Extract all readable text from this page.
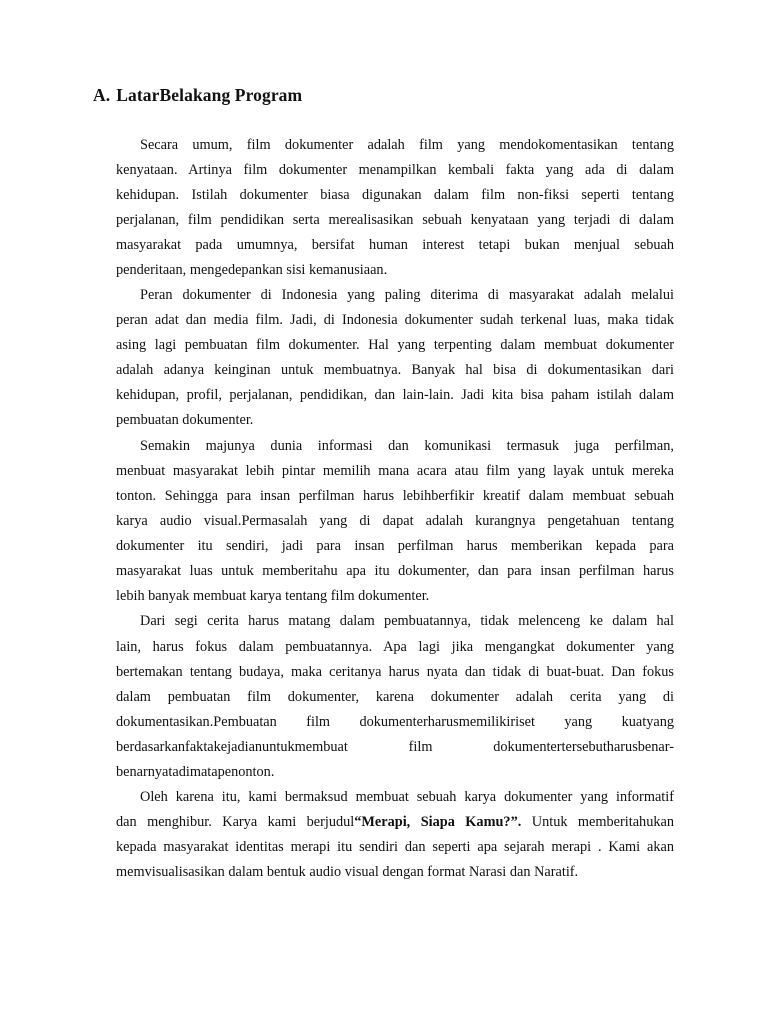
A. LatarBelakang Program
Secara umum, film dokumenter adalah film yang mendokomentasikan tentang
kenyataan. Artinya film dokumenter menampilkan kembali fakta yang ada di dalam
kehidupan. Istilah dokumenter biasa digunakan dalam film non-fiksi seperti tentang
perjalanan, film pendidikan serta merealisasikan sebuah kenyataan yang terjadi di dalam
masyarakat pada umumnya, bersifat human interest tetapi bukan menjual sebuah
penderitaan, mengedepankan sisi kemanusiaan.
Peran dokumenter di Indonesia yang paling diterima di masyarakat adalah melalui
peran adat dan media film. Jadi, di Indonesia dokumenter sudah terkenal luas, maka tidak
asing lagi pembuatan film dokumenter. Hal yang terpenting dalam membuat dokumenter
adalah adanya keinginan untuk membuatnya. Banyak hal bisa di dokumentasikan dari
kehidupan, profil, perjalanan, pendidikan, dan lain-lain. Jadi kita bisa paham istilah dalam
pembuatan dokumenter.
Semakin majunya dunia informasi dan komunikasi termasuk juga perfilman,
menbuat masyarakat lebih pintar memilih mana acara atau film yang layak untuk mereka
tonton. Sehingga para insan perfilman harus lebihberfikir kreatif dalam membuat sebuah
karya audio visual.Permasalah yang di dapat adalah kurangnya pengetahuan tentang
dokumenter itu sendiri, jadi para insan perfilman harus memberikan kepada para
masyarakat luas untuk memberitahu apa itu dokumenter, dan para insan perfilman harus
lebih banyak membuat karya tentang film dokumenter.
Dari segi cerita harus matang dalam pembuatannya, tidak melenceng ke dalam hal
lain, harus fokus dalam pembuatannya. Apa lagi jika mengangkat dokumenter yang
bertemakan tentang budaya, maka ceritanya harus nyata dan tidak di buat-buat. Dan fokus
dalam pembuatan film dokumenter, karena dokumenter adalah cerita yang di
dokumentasikan.Pembuatan film dokumenterharusmemilikiriset yang kuatyang
berdasarkanfaktakejadianuntukmembuat film dokumentertersebutharusbenar-
benarnyatadimatapenonton.
Oleh karena itu, kami bermaksud membuat sebuah karya dokumenter yang informatif
dan menghibur. Karya kami berjudul“Merapi, Siapa Kamu?”. Untuk memberitahukan
kepada masyarakat identitas merapi itu sendiri dan seperti apa sejarah merapi . Kami akan
memvisualisasikan dalam bentuk audio visual dengan format Narasi dan Naratif.
